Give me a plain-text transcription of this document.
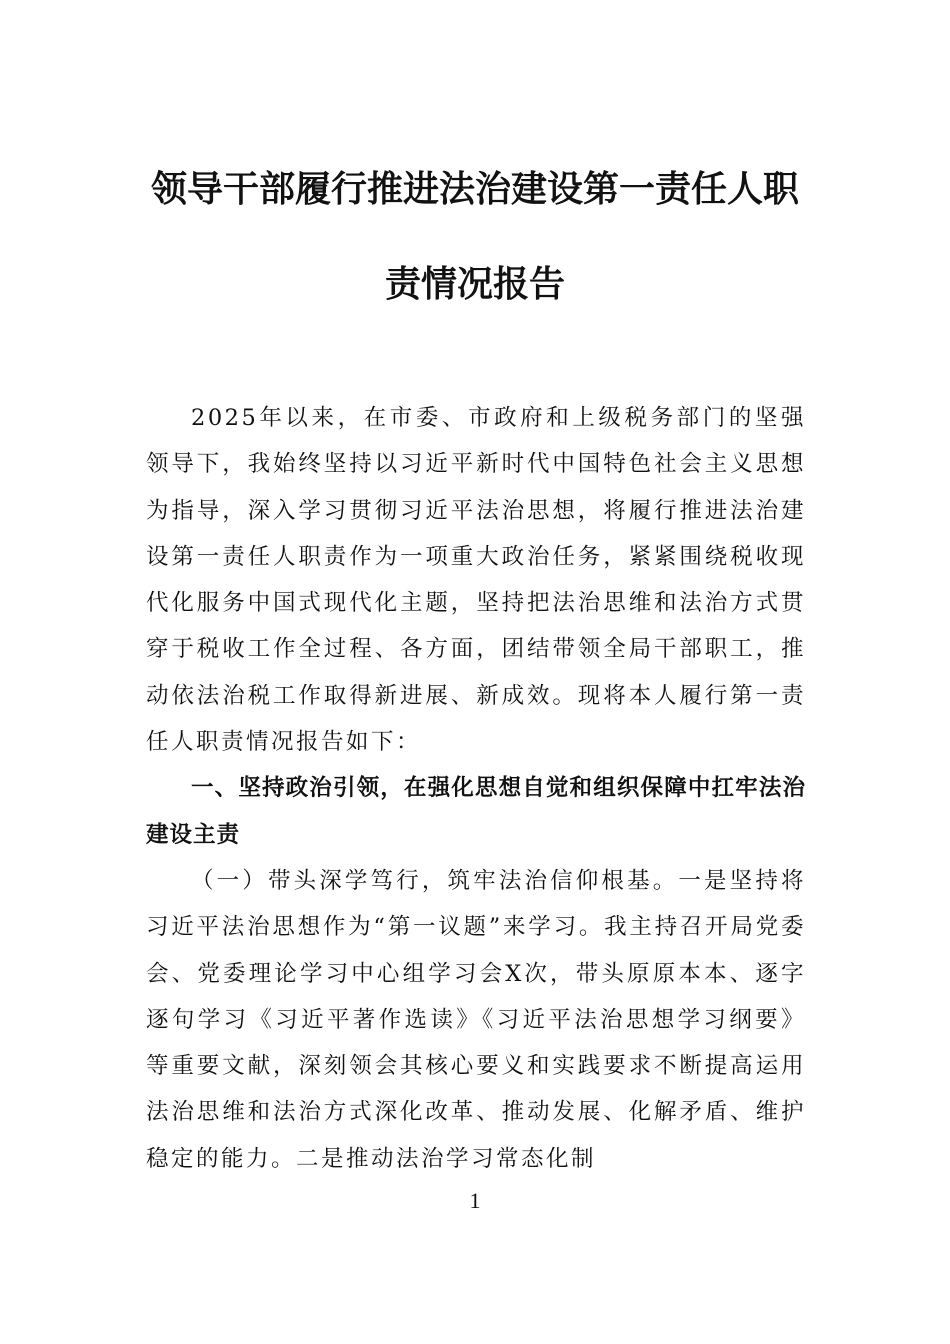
领导干部履行推进法治建设第一责任人职责情况报告

2025年以来，在市委、市政府和上级税务部门的坚强领导下，我始终坚持以习近平新时代中国特色社会主义思想为指导，深入学习贯彻习近平法治思想，将履行推进法治建设第一责任人职责作为一项重大政治任务，紧紧围绕税收现代化服务中国式现代化主题，坚持把法治思维和法治方式贯穿于税收工作全过程、各方面，团结带领全局干部职工，推动依法治税工作取得新进展、新成效。现将本人履行第一责任人职责情况报告如下：

一、坚持政治引领，在强化思想自觉和组织保障中扛牢法治建设主责

（一）带头深学笃行，筑牢法治信仰根基。一是坚持将习近平法治思想作为“第一议题”来学习。我主持召开局党委会、党委理论学习中心组学习会X次，带头原原本本、逐字逐句学习《习近平著作选读》《习近平法治思想学习纲要》等重要文献，深刻领会其核心要义和实践要求不断提高运用法治思维和法治方式深化改革、推动发展、化解矛盾、维护稳定的能力。二是推动法治学习常态化制

1
